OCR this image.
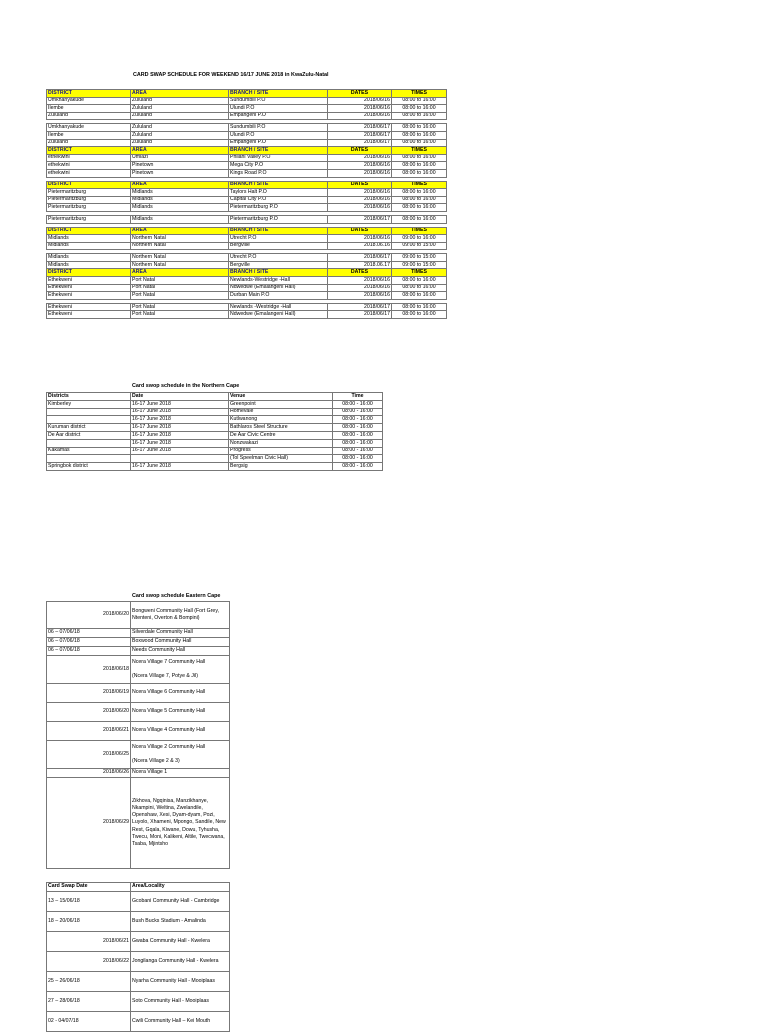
CARD SWAP SCHEDULE FOR WEEKEND 16/17 JUNE 2018 in KwaZulu-Natal
DISTRICT	AREA	BRANCH / SITE	DATES	TIMES
Umkhanyakude	Zululand	Sundumbili P.O	2018/06/16	08:00 to 16:00
Ilembe	Zululand	Ulundi P.O	2018/06/16	08:00 to 16:00
Zululand	Zululand	Empangeni P.O	2018/06/16	08:00 to 16:00

Umkhanyakude	Zululand	Sundumbili P.O	2018/06/17	08:00 to 16:00
Ilembe	Zululand	Ulundi P.O	2018/06/17	08:00 to 16:00
Zululand	Zululand	Empangeni P.O	2018/06/17	08:00 to 16:00
DISTRICT	AREA	BRANCH / SITE	DATES	TIMES
ethekwini	Umlazi	Philani Valley P.O	2018/06/16	08:00 to 16:00
ethekwini	Pinetown	Mega City P.O	2018/06/16	08:00 to 16:00
ethekwini	Pinetown	Kings Road P.O	2018/06/16	08:00 to 16:00

DISTRICT	AREA	BRANCH / SITE	DATES	TIMES
Pietermaritzburg	Midlands	Taylors Halt P.O	2018/06/16	08:00 to 16:00
Pietermaritzburg	Midlands	Capital City P.O	2018/06/16	08:00 to 16:00
Pietermaritzburg	Midlands	Pietermaritzburg P.O	2018/06/16	08:00 to 16:00

Pietermaritzburg	Midlands	Pietermaritzburg P.O	2018/06/17	08:00 to 16:00

DISTRICT	AREA	BRANCH / SITE	DATES	TIMES
Midlands	Northern Natal	Utrecht P.O	2018/06/16	09:00 to 16:00
Midlands	Northern Natal	Bergville	2018.06.16	09:00 to 15:00

Midlands	Northern Natal	Utrecht P.O	2018/06/17	09:00 to 15:00
Midlands	Northern Natal	Bergville	2018.06.17	09:00 to 15:00
DISTRICT	AREA	BRANCH / SITE	DATES	TIMES
Ethekweni	Port Natal	Newlands-Westridge -Hall	2018/06/16	08:00 to 16:00
Ethekweni	Port Natal	Ndwedwe (Emalangeni Hall)	2018/06/16	08:00 to 16:00
Ethekweni	Port Natal	Durban Main P.O	2018/06/16	08:00 to 16:00

Ethekweni	Port Natal	Newlands -Westridge -Hall	2018/06/17	08:00 to 16:00
Ethekweni	Port Natal	Ndwedwe (Emalangeni Hall)	2018/06/17	08:00 to 16:00
Card swop schedule in the Northern Cape
Districts	Date	Venue	Time
Kimberley	16-17 June 2018	Greenpoint	08:00 - 16:00
	16-17 June 2018	Homevale	08:00 - 16:00
	16-17 June 2018	Kutlwanong	08:00 - 16:00
Kuruman district	16-17 June 2018	Bathlaros Steel Structure	08:00 - 16:00
De Aar district	16-17 June 2018	De Aar Civic Centre	08:00 - 16:00
	16-17 June 2018	Nonzwakazi	08:00 - 16:00
Kakamas	16-17 June 2018	Progress	08:00 - 16:00
		(Tol Speelman Civic Hall)	08:00 - 16:00
Springbok district	16-17 June 2018	Bergsig	08:00 - 16:00
Card swop schedule Eastern Cape
2018/06/20	Bongweni Community Hall (Fort Grey, Ntenteni, Overton & Bompini)
06 – 07/06/18	Silverdale Community Hall
06 – 07/06/18	Boxwood Community Hall
06 – 07/06/18	Needs Community Hall
2018/06/18	Ncera Village 7 Community Hall

(Ncera Village 7, Potye & Jil)
2018/06/19	Ncera Village 6 Community Hall
2018/06/20	Ncera Village 5 Community Hall
2018/06/21	Ncera Village 4 Community Hall
2018/06/25	Ncera Village 2 Community Hall

(Ncera Village 2 & 3)
2018/06/26	Ncera Village 1
2018/06/29	Zikhova, Ngqinisa, Manzikhanye, Nkampini, Weltina, Zwelandile, Openshaw, Xesi, Dyam-dyam, Pozi, Luyolo, Xhameni, Mpongo, Sandile, New Rest, Gqala, Kiwane, Dowu, Tyhusha, Twecu, Moni, Kalikeni, Altile, Twecwana, Tsaba, Mjintsho
Card Swap Date	Area/Locality
13 – 15/06/18	Gcobani Community Hall - Cambridge
18 – 20/06/18	Bush Bucks Stadium - Amalinda
2018/06/21	Gwaba Community Hall - Kwelera
2018/06/22	Jongilanga Community Hall - Kwelera
25 – 26/06/18	Nyarha Community Hall - Mooiplaas
27 – 28/06/18	Soto Community Hall - Mooiplaas
02 - 04/07/18	Cwili Community Hall – Kei Mouth
